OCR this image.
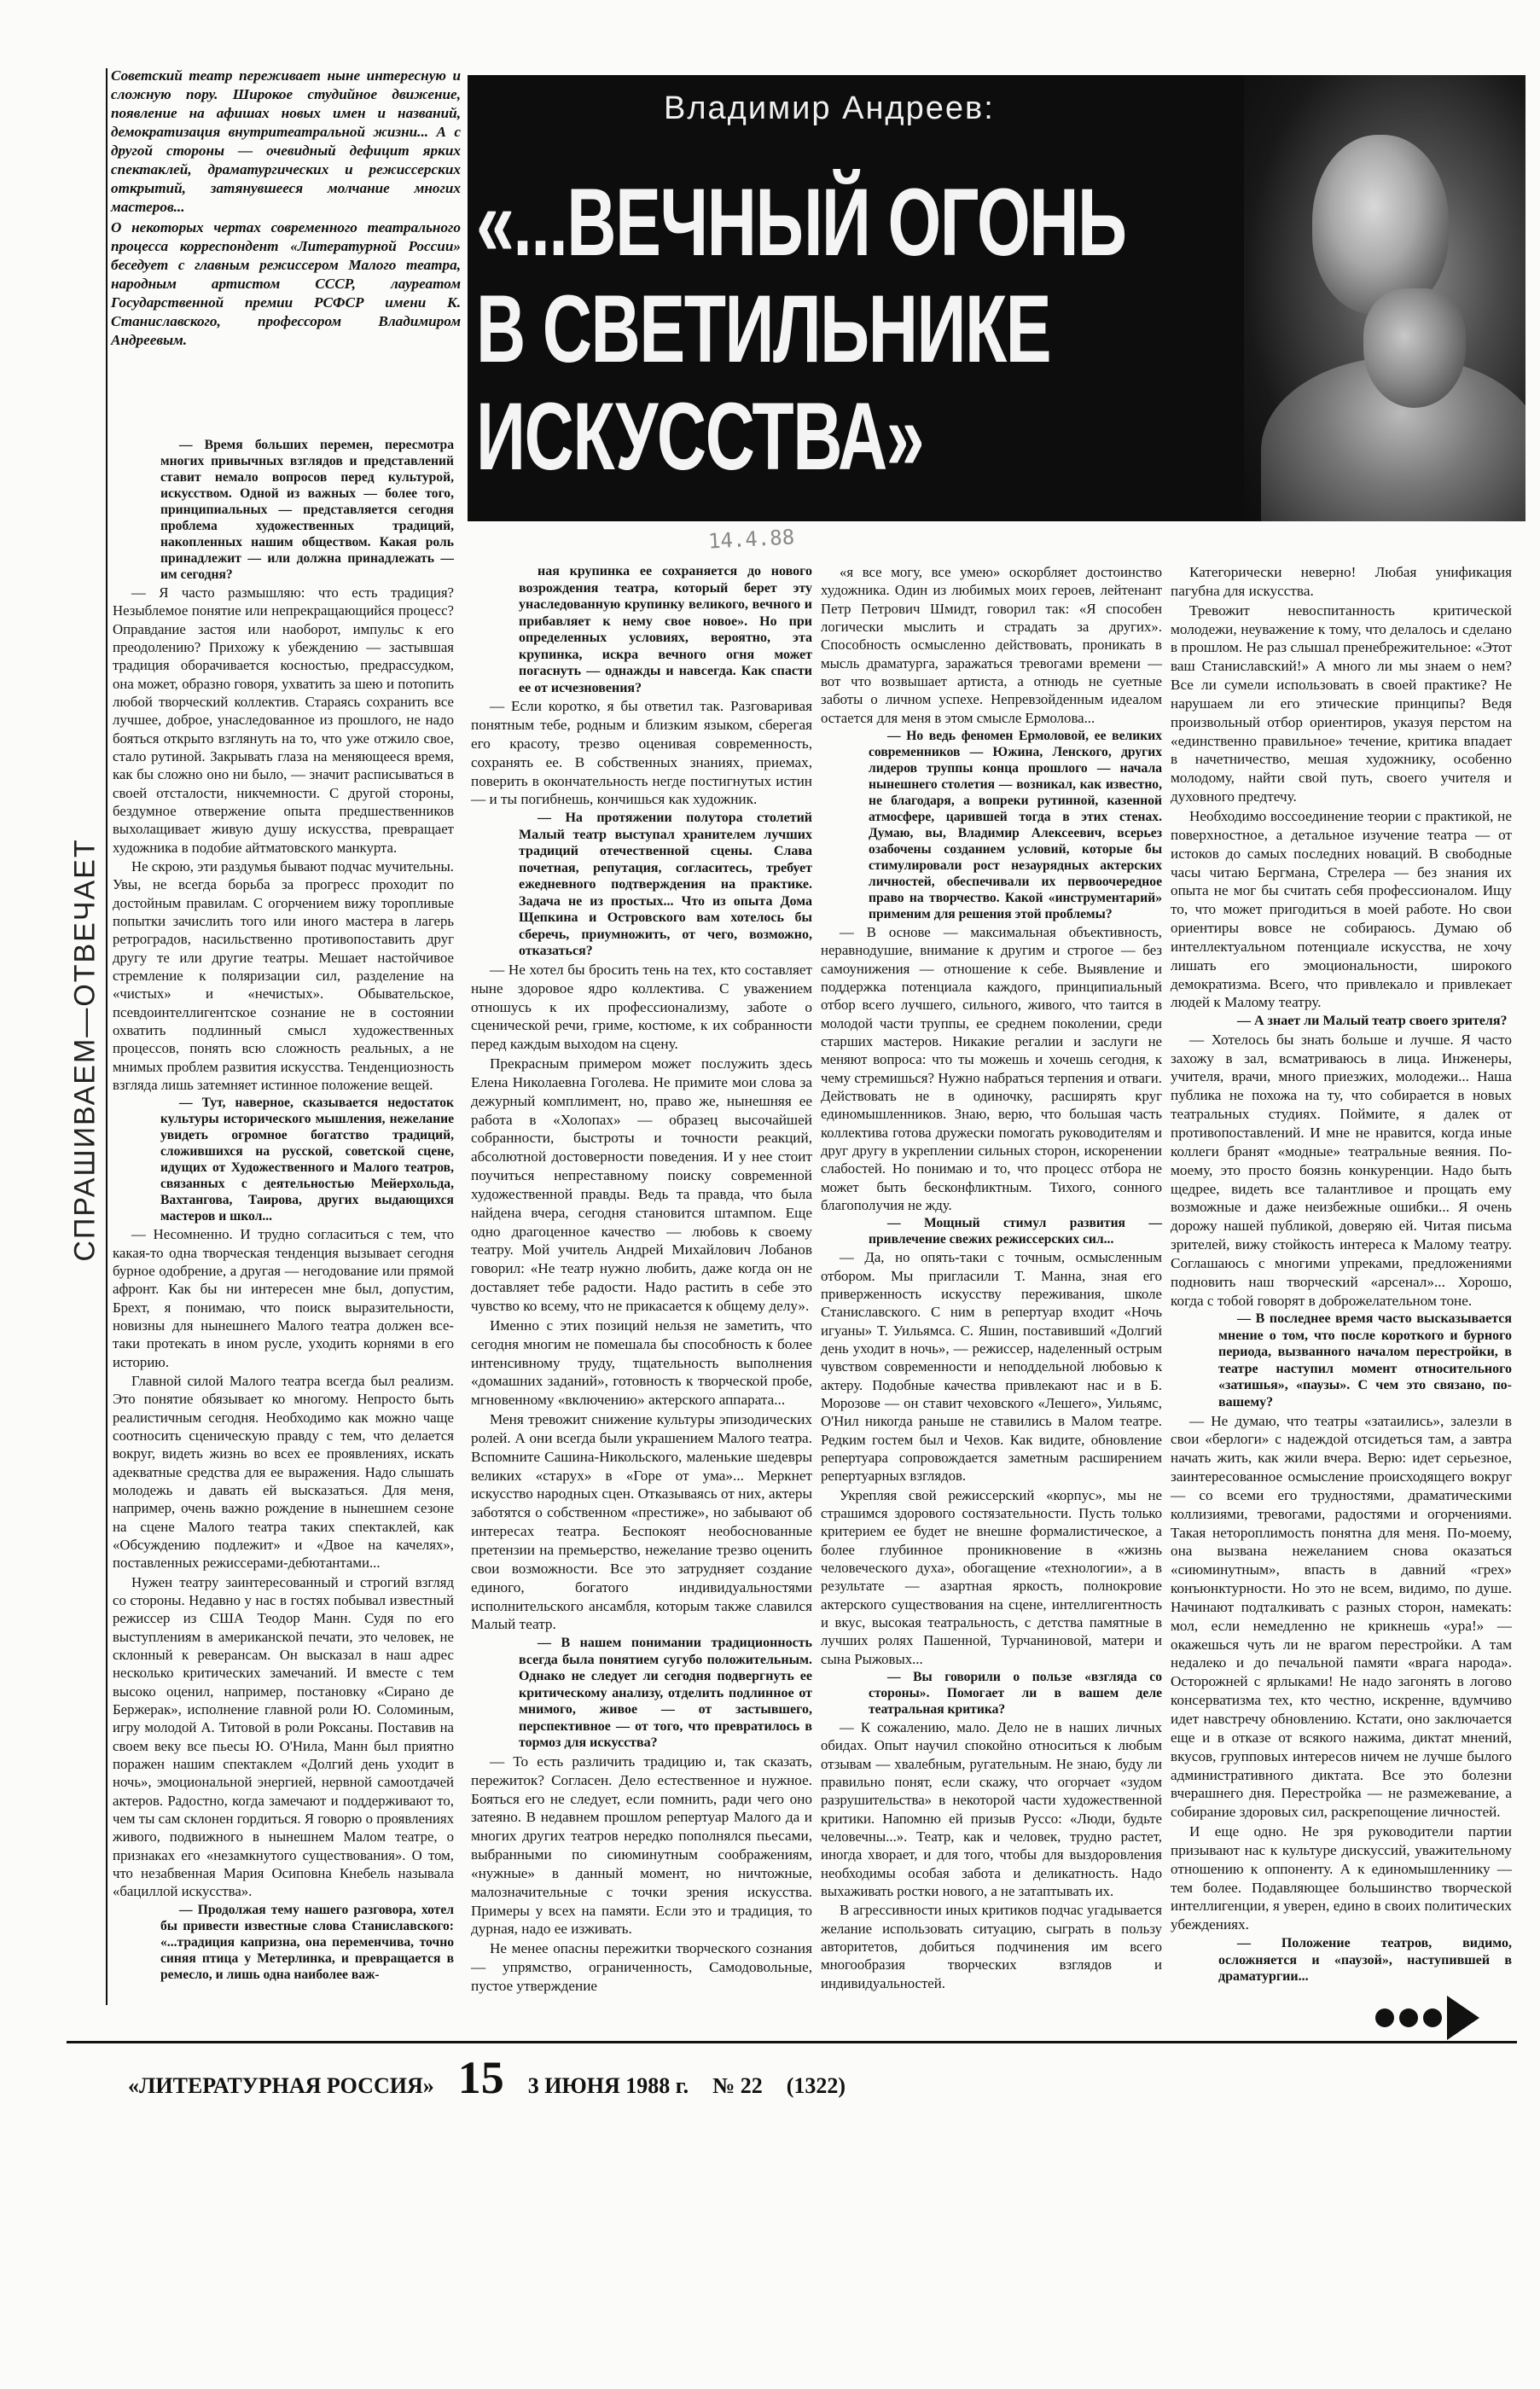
СПРАШИВАЕМ—ОТВЕЧАЕТ

Советский театр переживает ныне интересную и сложную пору. Широкое студийное движение, появление на афишах новых имен и названий, демократизация внутритеатральной жизни... А с другой стороны — очевидный дефицит ярких спектаклей, драматургических и режиссерских открытий, затянувшееся молчание многих мастеров...

О некоторых чертах современного театрального процесса корреспондент «Литературной России» беседует с главным режиссером Малого театра, народным артистом СССР, лауреатом Государственной премии РСФСР имени К. Станиславского, профессором Владимиром Андреевым.

Владимир Андреев:
«...ВЕЧНЫЙ ОГОНЬ
В СВЕТИЛЬНИКЕ
ИСКУССТВА»
14.4.88

— Время больших перемен, пересмотра многих привычных взглядов и представлений ставит немало вопросов перед культурой, искусством. Одной из важных — более того, принципиальных — представляется сегодня проблема художественных традиций, накопленных нашим обществом. Какая роль принадлежит — или должна принадлежать — им сегодня?

— Я часто размышляю: что есть традиция? Незыблемое понятие или непрекращающийся процесс? Оправдание застоя или наоборот, импульс к его преодолению? Прихожу к убеждению — застывшая традиция оборачивается косностью, предрассудком, она может, образно говоря, ухватить за шею и потопить любой творческий коллектив. Стараясь сохранить все лучшее, доброе, унаследованное из прошлого, не надо бояться открыто взглянуть на то, что уже отжило свое, стало рутиной. Закрывать глаза на меняющееся время, как бы сложно оно ни было, — значит расписываться в своей отсталости, никчемности. С другой стороны, бездумное отвержение опыта предшественников выхолащивает живую душу искусства, превращает художника в подобие айтматовского манкурта.

Не скрою, эти раздумья бывают подчас мучительны. Увы, не всегда борьба за прогресс проходит по достойным правилам. С огорчением вижу торопливые попытки зачислить того или иного мастера в лагерь ретроградов, насильственно противопоставить друг другу те или другие театры. Мешает настойчивое стремление к поляризации сил, разделение на «чистых» и «нечистых». Обывательское, псевдоинтеллигентское сознание не в состоянии охватить подлинный смысл художественных процессов, понять всю сложность реальных, а не мнимых проблем развития искусства. Тенденциозность взгляда лишь затемняет истинное положение вещей.

— Тут, наверное, сказывается недостаток культуры исторического мышления, нежелание увидеть огромное богатство традиций, сложившихся на русской, советской сцене, идущих от Художественного и Малого театров, связанных с деятельностью Мейерхольда, Вахтангова, Таирова, других выдающихся мастеров и школ...

— Несомненно. И трудно согласиться с тем, что какая-то одна творческая тенденция вызывает сегодня бурное одобрение, а другая — негодование или прямой афронт. Как бы ни интересен мне был, допустим, Брехт, я понимаю, что поиск выразительности, новизны для нынешнего Малого театра должен все-таки протекать в ином русле, уходить корнями в его историю.

Главной силой Малого театра всегда был реализм. Это понятие обязывает ко многому. Непросто быть реалистичным сегодня. Необходимо как можно чаще соотносить сценическую правду с тем, что делается вокруг, видеть жизнь во всех ее проявлениях, искать адекватные средства для ее выражения. Надо слышать молодежь и давать ей высказаться. Для меня, например, очень важно рождение в нынешнем сезоне на сцене Малого театра таких спектаклей, как «Обсуждению подлежит» и «Двое на качелях», поставленных режиссерами-дебютантами...

Нужен театру заинтересованный и строгий взгляд со стороны. Недавно у нас в гостях побывал известный режиссер из США Теодор Манн. Судя по его выступлениям в американской печати, это человек, не склонный к реверансам. Он высказал в наш адрес несколько критических замечаний. И вместе с тем высоко оценил, например, постановку «Сирано де Бержерак», исполнение главной роли Ю. Соломиным, игру молодой А. Титовой в роли Роксаны. Поставив на своем веку все пьесы Ю. О'Нила, Манн был приятно поражен нашим спектаклем «Долгий день уходит в ночь», эмоциональной энергией, нервной самоотдачей актеров. Радостно, когда замечают и поддерживают то, чем ты сам склонен гордиться. Я говорю о проявлениях живого, подвижного в нынешнем Малом театре, о признаках его «незамкнутого существования». О том, что незабвенная Мария Осиповна Кнебель называла «бациллой искусства».

— Продолжая тему нашего разговора, хотел бы привести известные слова Станиславского: «...традиция капризна, она переменчива, точно синяя птица у Метерлинка, и превращается в ремесло, и лишь одна наиболее важ-

ная крупинка ее сохраняется до нового возрождения театра, который берет эту унаследованную крупинку великого, вечного и прибавляет к нему свое новое». Но при определенных условиях, вероятно, эта крупинка, искра вечного огня может погаснуть — однажды и навсегда. Как спасти ее от исчезновения?

— Если коротко, я бы ответил так. Разговаривая понятным тебе, родным и близким языком, сберегая его красоту, трезво оценивая современность, сохранять ее. В собственных знаниях, приемах, поверить в окончательность негде постигнутых истин — и ты погибнешь, кончишься как художник.

— На протяжении полутора столетий Малый театр выступал хранителем лучших традиций отечественной сцены. Слава почетная, репутация, согласитесь, требует ежедневного подтверждения на практике. Задача не из простых... Что из опыта Дома Щепкина и Островского вам хотелось бы сберечь, приумножить, от чего, возможно, отказаться?

— Не хотел бы бросить тень на тех, кто составляет ныне здоровое ядро коллектива. С уважением отношусь к их профессионализму, заботе о сценической речи, гриме, костюме, к их собранности перед каждым выходом на сцену.

Прекрасным примером может послужить здесь Елена Николаевна Гоголева. Не примите мои слова за дежурный комплимент, но, право же, нынешняя ее работа в «Холопах» — образец высочайшей собранности, быстроты и точности реакций, абсолютной достоверности поведения. И у нее стоит поучиться непреставному поиску современной художественной правды. Ведь та правда, что была найдена вчера, сегодня становится штампом. Еще одно драгоценное качество — любовь к своему театру. Мой учитель Андрей Михайлович Лобанов говорил: «Не театр нужно любить, даже когда он не доставляет тебе радости. Надо растить в себе это чувство ко всему, что не прикасается к общему делу».

Именно с этих позиций нельзя не заметить, что сегодня многим не помешала бы способность к более интенсивному труду, тщательность выполнения «домашних заданий», готовность к творческой пробе, мгновенному «включению» актерского аппарата...

Меня тревожит снижение культуры эпизодических ролей. А они всегда были украшением Малого театра. Вспомните Сашина-Никольского, маленькие шедевры великих «старух» в «Горе от ума»... Меркнет искусство народных сцен. Отказываясь от них, актеры заботятся о собственном «престиже», но забывают об интересах театра. Беспокоят необоснованные претензии на премьерство, нежелание трезво оценить свои возможности. Все это затрудняет создание единого, богатого индивидуальностями исполнительского ансамбля, которым также славился Малый театр.

— В нашем понимании традиционность всегда была понятием сугубо положительным. Однако не следует ли сегодня подвергнуть ее критическому анализу, отделить подлинное от мнимого, живое — от застывшего, перспективное — от того, что превратилось в тормоз для искусства?

— То есть различить традицию и, так сказать, пережиток? Согласен. Дело естественное и нужное. Бояться его не следует, если помнить, ради чего оно затеяно. В недавнем прошлом репертуар Малого да и многих других театров нередко пополнялся пьесами, выбранными по сиюминутным соображениям, «нужные» в данный момент, но ничтожные, малозначительные с точки зрения искусства. Примеры у всех на памяти. Если это и традиция, то дурная, надо ее изживать.

Не менее опасны пережитки творческого сознания — упрямство, ограниченность, Самодовольные, пустое утверждение

«я все могу, все умею» оскорбляет достоинство художника. Один из любимых моих героев, лейтенант Петр Петрович Шмидт, говорил так: «Я способен логически мыслить и страдать за других». Способность осмысленно действовать, проникать в мысль драматурга, заражаться тревогами времени — вот что возвышает артиста, а отнюдь не суетные заботы о личном успехе. Непревзойденным идеалом остается для меня в этом смысле Ермолова...

— Но ведь феномен Ермоловой, ее великих современников — Южина, Ленского, других лидеров труппы конца прошлого — начала нынешнего столетия — возникал, как известно, не благодаря, а вопреки рутинной, казенной атмосфере, царившей тогда в этих стенах. Думаю, вы, Владимир Алексеевич, всерьез озабочены созданием условий, которые бы стимулировали рост незаурядных актерских личностей, обеспечивали их первоочередное право на творчество. Какой «инструментарий» применим для решения этой проблемы?

— В основе — максимальная объективность, неравнодушие, внимание к другим и строгое — без самоунижения — отношение к себе. Выявление и поддержка потенциала каждого, принципиальный отбор всего лучшего, сильного, живого, что таится в молодой части труппы, ее среднем поколении, среди старших мастеров. Никакие регалии и заслуги не меняют вопроса: что ты можешь и хочешь сегодня, к чему стремишься? Нужно набраться терпения и отваги. Действовать не в одиночку, расширять круг единомышленников. Знаю, верю, что большая часть коллектива готова дружески помогать руководителям и друг другу в укреплении сильных сторон, искоренении слабостей. Но понимаю и то, что процесс отбора не может быть бесконфликтным. Тихого, сонного благополучия не жду.

— Мощный стимул развития — привлечение свежих режиссерских сил...

— Да, но опять-таки с точным, осмысленным отбором. Мы пригласили Т. Манна, зная его приверженность искусству переживания, школе Станиславского. С ним в репертуар входит «Ночь игуаны» Т. Уильямса. С. Яшин, поставивший «Долгий день уходит в ночь», — режиссер, наделенный острым чувством современности и неподдельной любовью к актеру. Подобные качества привлекают нас и в Б. Морозове — он ставит чеховского «Лешего», Уильямс, О'Нил никогда раньше не ставились в Малом театре. Редким гостем был и Чехов. Как видите, обновление репертуара сопровождается заметным расширением репертуарных взглядов.

Укрепляя свой режиссерский «корпус», мы не страшимся здорового состязательности. Пусть только критерием ее будет не внешне формалистическое, а более глубинное проникновение в «жизнь человеческого духа», обогащение «технологии», а в результате — азартная яркость, полнокровие актерского существования на сцене, интеллигентность и вкус, высокая театральность, с детства памятные в лучших ролях Пашенной, Турчаниновой, матери и сына Рыжовых...

— Вы говорили о пользе «взгляда со стороны». Помогает ли в вашем деле театральная критика?

— К сожалению, мало. Дело не в наших личных обидах. Опыт научил спокойно относиться к любым отзывам — хвалебным, ругательным. Не знаю, буду ли правильно понят, если скажу, что огорчает «зудом разрушительства» в некоторой части художественной критики. Напомню ей призыв Руссо: «Люди, будьте человечны...». Театр, как и человек, трудно растет, иногда хворает, и для того, чтобы для выздоровления необходимы особая забота и деликатность. Надо выхаживать ростки нового, а не затаптывать их.

В агрессивности иных критиков подчас угадывается желание использовать ситуацию, сыграть в пользу авторитетов, добиться подчинения им всего многообразия творческих взглядов и индивидуальностей.

Категорически неверно! Любая унификация пагубна для искусства.

Тревожит невоспитанность критической молодежи, неуважение к тому, что делалось и сделано в прошлом. Не раз слышал пренебрежительное: «Этот ваш Станиславский!» А много ли мы знаем о нем? Все ли сумели использовать в своей практике? Не нарушаем ли его этические принципы? Ведя произвольный отбор ориентиров, указуя перстом на «единственно правильное» течение, критика впадает в начетничество, мешая художнику, особенно молодому, найти свой путь, своего учителя и духовного предтечу.

Необходимо воссоединение теории с практикой, не поверхностное, а детальное изучение театра — от истоков до самых последних новаций. В свободные часы читаю Бергмана, Стрелера — без знания их опыта не мог бы считать себя профессионалом. Ищу то, что может пригодиться в моей работе. Но свои ориентиры вовсе не собираюсь. Думаю об интеллектуальном потенциале искусства, не хочу лишать его эмоциональности, широкого демократизма. Всего, что привлекало и привлекает людей к Малому театру.

— А знает ли Малый театр своего зрителя?

— Хотелось бы знать больше и лучше. Я часто захожу в зал, всматриваюсь в лица. Инженеры, учителя, врачи, много приезжих, молодежи... Наша публика не похожа на ту, что собирается в новых театральных студиях. Поймите, я далек от противопоставлений. И мне не нравится, когда иные коллеги бранят «модные» театральные веяния. По-моему, это просто боязнь конкуренции. Надо быть щедрее, видеть все талантливое и прощать ему возможные и даже неизбежные ошибки... Я очень дорожу нашей публикой, доверяю ей. Читая письма зрителей, вижу стойкость интереса к Малому театру. Соглашаюсь с многими упреками, предложениями подновить наш творческий «арсенал»... Хорошо, когда с тобой говорят в доброжелательном тоне.

— В последнее время часто высказывается мнение о том, что после короткого и бурного периода, вызванного началом перестройки, в театре наступил момент относительного «затишья», «паузы». С чем это связано, по-вашему?

— Не думаю, что театры «затаились», залезли в свои «берлоги» с надеждой отсидеться там, а завтра начать жить, как жили вчера. Верю: идет серьезное, заинтересованное осмысление происходящего вокруг — со всеми его трудностями, драматическими коллизиями, тревогами, радостями и огорчениями. Такая нетороплимость понятна для меня. По-моему, она вызвана нежеланием снова оказаться «сиюминутным», впасть в давний «грех» конъюнктурности. Но это не всем, видимо, по душе. Начинают подталкивать с разных сторон, намекать: мол, если немедленно не крикнешь «ура!» — окажешься чуть ли не врагом перестройки. А там недалеко и до печальной памяти «врага народа». Осторожней с ярлыками! Не надо загонять в логово консерватизма тех, кто честно, искренне, вдумчиво идет навстречу обновлению. Кстати, оно заключается еще и в отказе от всякого нажима, диктат мнений, вкусов, групповых интересов ничем не лучше былого административного диктата. Все это болезни вчерашнего дня. Перестройка — не размежевание, а собирание здоровых сил, раскрепощение личностей.

И еще одно. Не зря руководители партии призывают нас к культуре дискуссий, уважительному отношению к оппоненту. А к единомышленнику — тем более. Подавляющее большинство творческой интеллигенции, я уверен, едино в своих политических убеждениях.

— Положение театров, видимо, осложняется и «паузой», наступившей в драматургии...

«ЛИТЕРАТУРНАЯ РОССИЯ» 15 3 ИЮНЯ 1988 г. № 22 (1322)
